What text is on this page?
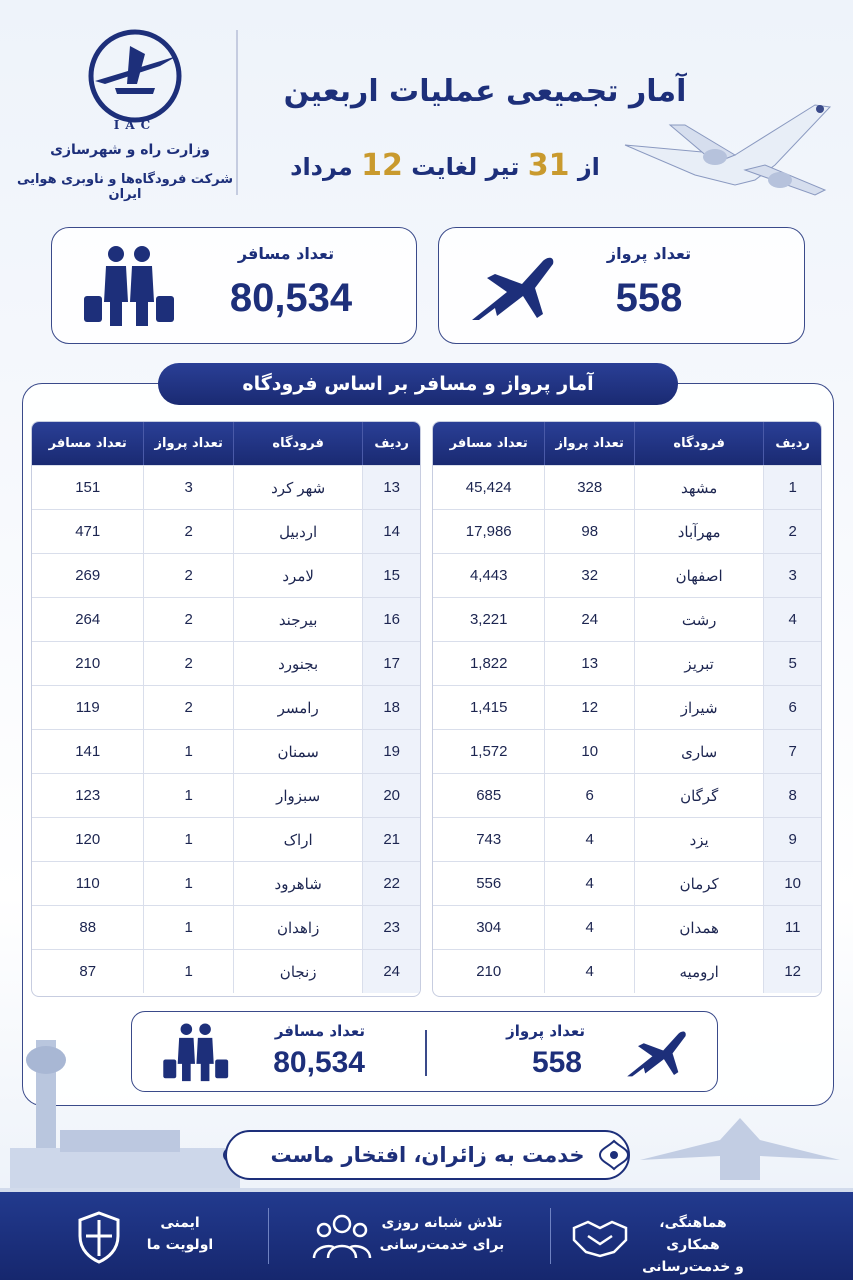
IAC
وزارت راه و شهرسازی
شرکت فرودگاه‌ها و ناوبری هوایی ایران
آمار تجمیعی عملیات اربعین
از 31 تیر لغایت 12 مرداد
تعداد پرواز
558
تعداد مسافر
80,534
آمار پرواز و مسافر بر اساس فرودگاه
ردیف
فرودگاه
تعداد پرواز
تعداد مسافر
1
مشهد
328
45,424
2
مهرآباد
98
17,986
3
اصفهان
32
4,443
4
رشت
24
3,221
5
تبریز
13
1,822
6
شیراز
12
1,415
7
ساری
10
1,572
8
گرگان
6
685
9
یزد
4
743
10
کرمان
4
556
11
همدان
4
304
12
ارومیه
4
210
ردیف
فرودگاه
تعداد پرواز
تعداد مسافر
13
شهر کرد
3
151
14
اردبیل
2
471
15
لامرد
2
269
16
بیرجند
2
264
17
بجنورد
2
210
18
رامسر
2
119
19
سمنان
1
141
20
سبزوار
1
123
21
اراک
1
120
22
شاهرود
1
110
23
زاهدان
1
88
24
زنجان
1
87
تعداد پرواز
558
تعداد مسافر
80,534
خدمت به زائران، افتخار ماست
هماهنگی، همکاری
و خدمت‌رسانی
تلاش شبانه روزی
برای خدمت‌رسانی
ایمنی
اولویت ما
